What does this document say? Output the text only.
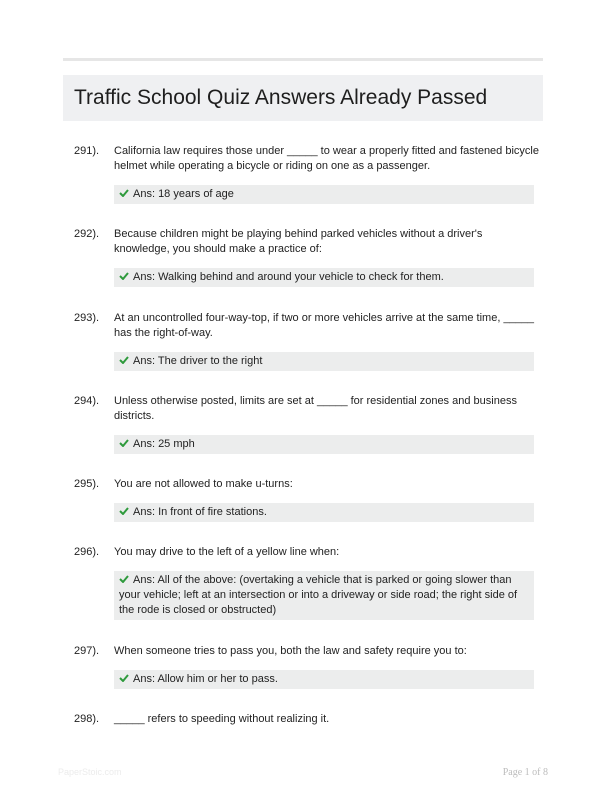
Traffic School Quiz Answers Already Passed
291). California law requires those under _____ to wear a properly fitted and fastened bicycle helmet while operating a bicycle or riding on one as a passenger.
Ans: 18 years of age
292). Because children might be playing behind parked vehicles without a driver's knowledge, you should make a practice of:
Ans: Walking behind and around your vehicle to check for them.
293). At an uncontrolled four-way-top, if two or more vehicles arrive at the same time, _____ has the right-of-way.
Ans: The driver to the right
294). Unless otherwise posted, limits are set at _____ for residential zones and business districts.
Ans: 25 mph
295). You are not allowed to make u-turns:
Ans: In front of fire stations.
296). You may drive to the left of a yellow line when:
Ans: All of the above: (overtaking a vehicle that is parked or going slower than your vehicle; left at an intersection or into a driveway or side road; the right side of the rode is closed or obstructed)
297). When someone tries to pass you, both the law and safety require you to:
Ans: Allow him or her to pass.
298). _____ refers to speeding without realizing it.
PaperStoic.com	Page 1 of 8
